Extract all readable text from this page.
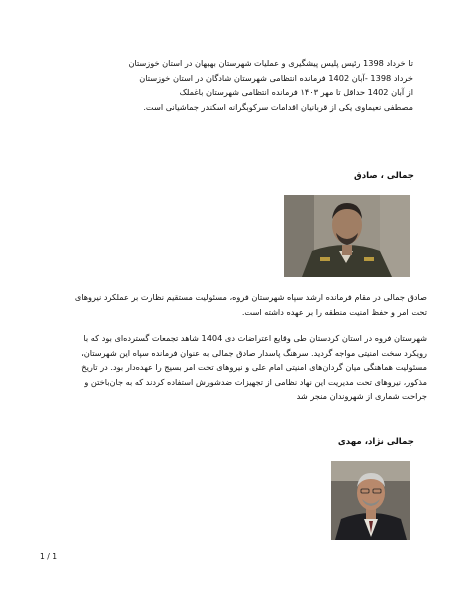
تا خرداد 1398 رئیس پلیس پیشگیری و عملیات شهرستان بهبهان در استان خوزستان
خرداد 1398 -آبان 1402 فرمانده انتظامی شهرستان شادگان در استان خوزستان
از آبان 1402 حداقل تا مهر ۱۴۰۳ فرمانده انتظامی شهرستان باغملک
مصطفی نعیماوی یکی از قربانیان اقدامات سرکوبگرانه اسکندر جماشیانی است.
جمالی ، صادق
صادق جمالی در مقام فرمانده ارشد سپاه شهرستان فروه، مسئولیت مستقیم نظارت بر عملکرد نیروهای
تحت امر و حفظ امنیت منطقه را بر عهده داشته است.
شهرستان فروه در استان کردستان طی وقایع اعتراضات دی 1404 شاهد تجمعات گسترده‌ای بود که با
رویکرد سخت امنیتی مواجه گردید. سرهنگ پاسدار صادق جمالی به عنوان فرمانده سپاه این شهرستان،
مسئولیت هماهنگی میان گردان‌های امنیتی امام علی و نیروهای تحت امر بسیج را عهده‌دار بود. در تاریخ
مذکور، نیروهای تحت مدیریت این نهاد نظامی از تجهیزات ضدشورش استفاده کردند که به جان‌باختن و
جراحت شماری از شهروندان منجر شد
جمالی نژاد، مهدی
1 / 1
